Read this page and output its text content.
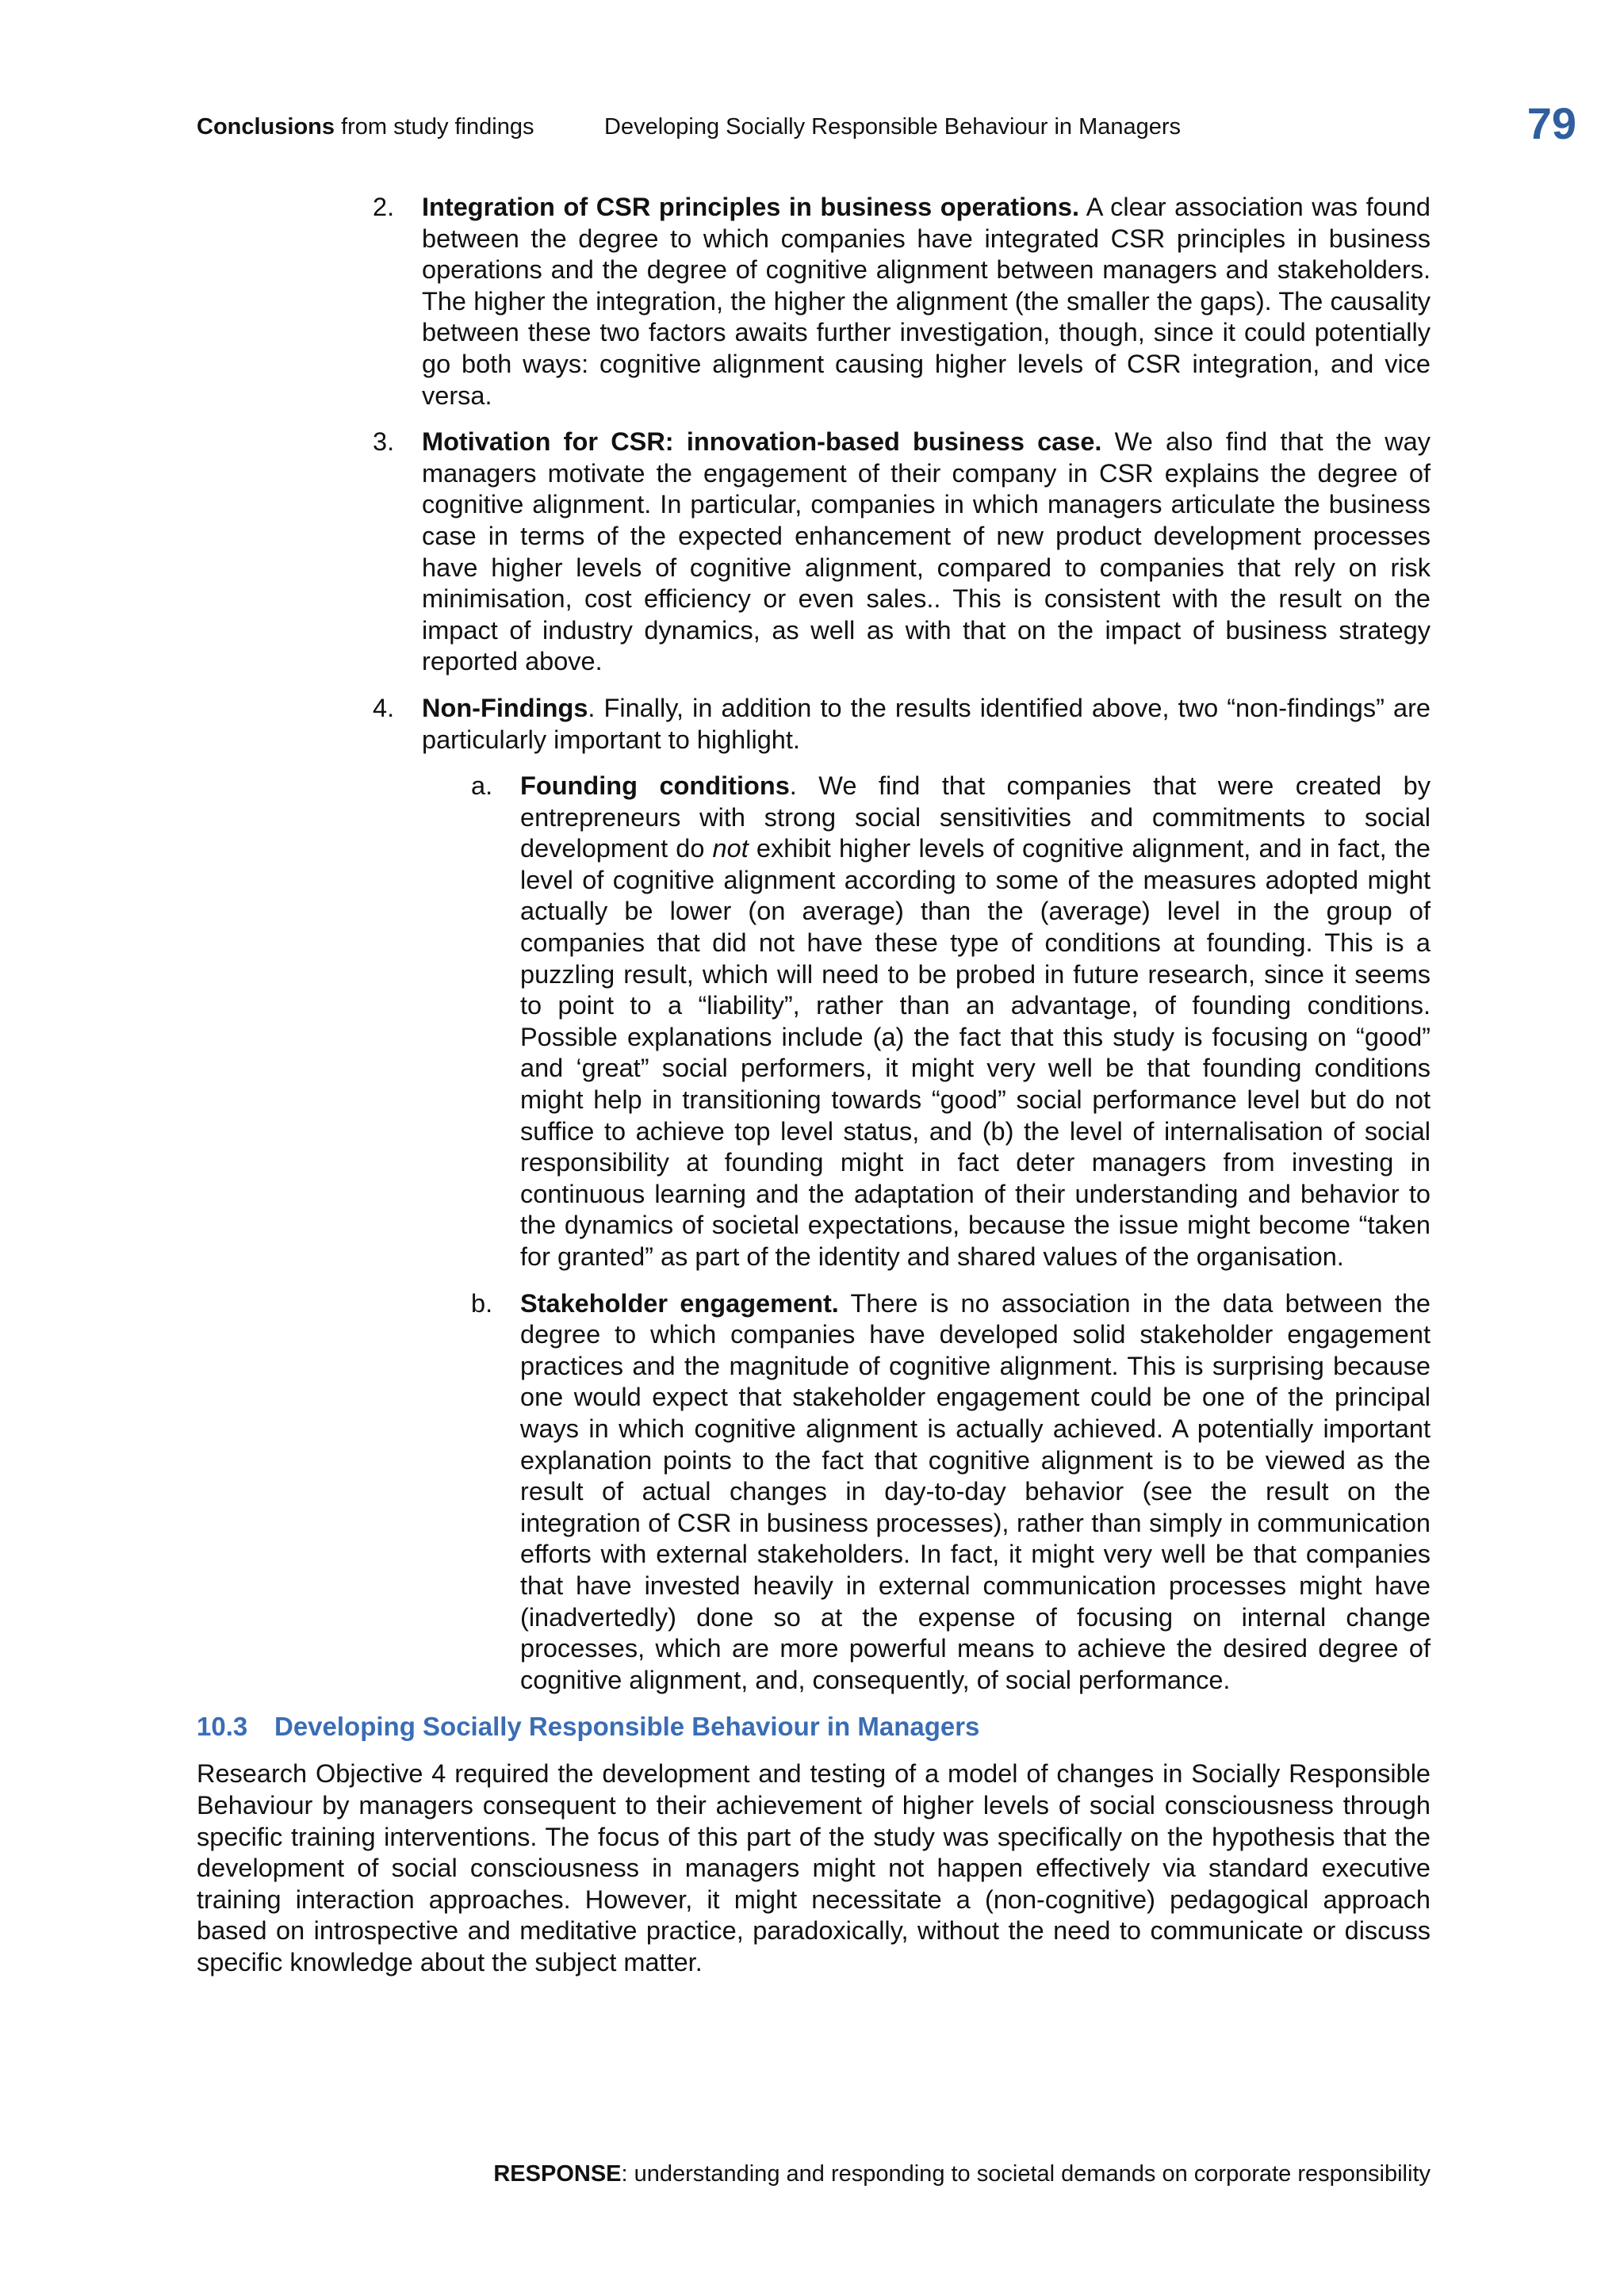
Conclusions from study findings	Developing Socially Responsible Behaviour in Managers	79
2. Integration of CSR principles in business operations. A clear association was found between the degree to which companies have integrated CSR principles in business operations and the degree of cognitive alignment between managers and stakeholders. The higher the integration, the higher the alignment (the smaller the gaps). The causality between these two factors awaits further investigation, though, since it could potentially go both ways: cognitive alignment causing higher levels of CSR integration, and vice versa.
3. Motivation for CSR: innovation-based business case. We also find that the way managers motivate the engagement of their company in CSR explains the degree of cognitive alignment. In particular, companies in which managers articulate the business case in terms of the expected enhancement of new product development processes have higher levels of cognitive alignment, compared to companies that rely on risk minimisation, cost efficiency or even sales.. This is consistent with the result on the impact of industry dynamics, as well as with that on the impact of business strategy reported above.
4. Non-Findings. Finally, in addition to the results identified above, two “non-findings” are particularly important to highlight.
a. Founding conditions. We find that companies that were created by entrepreneurs with strong social sensitivities and commitments to social development do not exhibit higher levels of cognitive alignment, and in fact, the level of cognitive alignment according to some of the measures adopted might actually be lower (on average) than the (average) level in the group of companies that did not have these type of conditions at founding. This is a puzzling result, which will need to be probed in future research, since it seems to point to a “liability”, rather than an advantage, of founding conditions. Possible explanations include (a) the fact that this study is focusing on “good” and ‘great” social performers, it might very well be that founding conditions might help in transitioning towards “good” social performance level but do not suffice to achieve top level status, and (b) the level of internalisation of social responsibility at founding might in fact deter managers from investing in continuous learning and the adaptation of their understanding and behavior to the dynamics of societal expectations, because the issue might become “taken for granted” as part of the identity and shared values of the organisation.
b. Stakeholder engagement. There is no association in the data between the degree to which companies have developed solid stakeholder engagement practices and the magnitude of cognitive alignment. This is surprising because one would expect that stakeholder engagement could be one of the principal ways in which cognitive alignment is actually achieved. A potentially important explanation points to the fact that cognitive alignment is to be viewed as the result of actual changes in day-to-day behavior (see the result on the integration of CSR in business processes), rather than simply in communication efforts with external stakeholders. In fact, it might very well be that companies that have invested heavily in external communication processes might have (inadvertedly) done so at the expense of focusing on internal change processes, which are more powerful means to achieve the desired degree of cognitive alignment, and, consequently, of social performance.
10.3 Developing Socially Responsible Behaviour in Managers

Research Objective 4 required the development and testing of a model of changes in Socially Responsible Behaviour by managers consequent to their achievement of higher levels of social consciousness through specific training interventions. The focus of this part of the study was specifically on the hypothesis that the development of social consciousness in managers might not happen effectively via standard executive training interaction approaches. However, it might necessitate a (non-cognitive) pedagogical approach based on introspective and meditative practice, paradoxically, without the need to communicate or discuss specific knowledge about the subject matter.

RESPONSE: understanding and responding to societal demands on corporate responsibility
